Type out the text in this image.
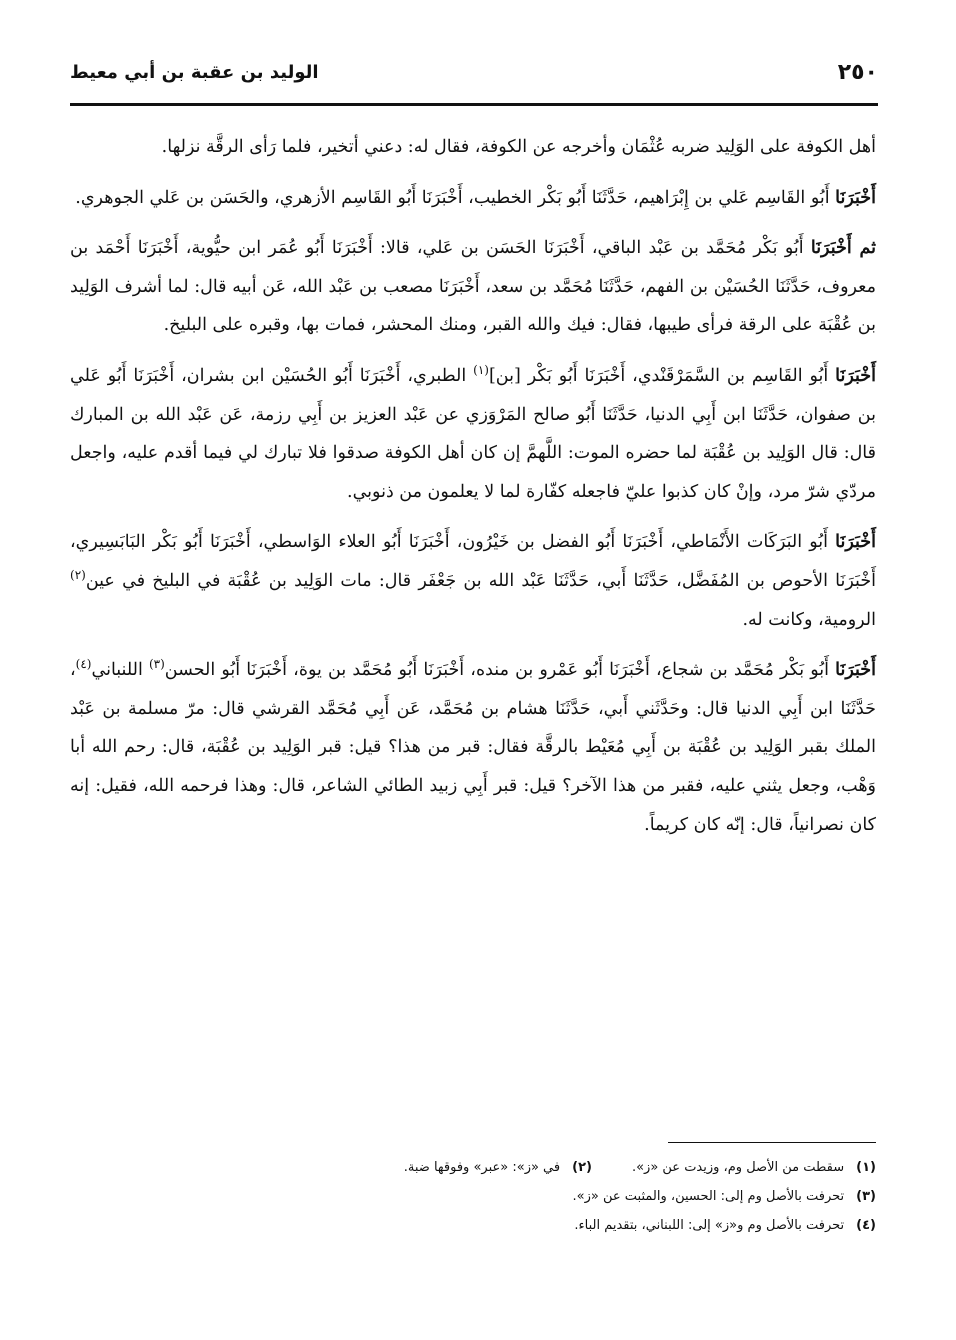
٢٥٠
الوليد بن عقبة بن أبي معيط

أهل الكوفة على الوَلِيد ضربه عُثْمَان وأخرجه عن الكوفة، فقال له: دعني أتخير، فلما رَأى الرقَّة نزلها.

أَخْبَرَنَا أَبُو القَاسِم عَلي بن إِبْرَاهيم، حَدَّثَنَا أَبُو بَكْر الخطيب، أَخْبَرَنَا أَبُو القَاسِم الأزهري، والحَسَن بن عَلي الجوهري.

ثم أَخْبَرَنَا أَبُو بَكْر مُحَمَّد بن عَبْد الباقي، أَخْبَرَنَا الحَسَن بن عَلي، قالا: أَخْبَرَنَا أَبُو عُمَر ابن حيُّوية، أَخْبَرَنَا أَحْمَد بن معروف، حَدَّثَنَا الحُسَيْن بن الفهم، حَدَّثَنَا مُحَمَّد بن سعد، أَخْبَرَنَا مصعب بن عَبْد الله، عَن أبيه قال: لما أشرف الوَلِيد بن عُقْبَة على الرقة فرأى طيبها، فقال: فيك والله القبر، ومنك المحشر، فمات بها، وقبره على البليخ.

أَخْبَرَنَا أَبُو القَاسِم بن السَّمَرْقَنْدي، أَخْبَرَنَا أَبُو بَكْر [بن]$^{(١)}$ الطبري، أَخْبَرَنَا أَبُو الحُسَيْن ابن بشران، أَخْبَرَنَا أَبُو عَلي بن صفوان، حَدَّثَنَا ابن أَبِي الدنيا، حَدَّثَنَا أَبُو صالح المَرْوَزي عن عَبْد العزيز بن أَبِي رزمة، عَن عَبْد الله بن المبارك قال: قال الوَلِيد بن عُقْبَة لما حضره الموت: اللَّهمَّ إن كان أهل الكوفة صدقوا فلا تبارك لي فيما أقدم عليه، واجعل مردّي شرّ مرد، وإنْ كان كذبوا عليّ فاجعله كفّارة لما لا يعلمون من ذنوبي.

أَخْبَرَنَا أَبُو البَرَكَات الأَنْمَاطي، أَخْبَرَنَا أَبُو الفضل بن خَيْرُون، أَخْبَرَنَا أَبُو العلاء الوَاسطي، أَخْبَرَنَا أَبُو بَكْر البَابَسِيري، أَخْبَرَنَا الأحوص بن المُفَضَّل، حَدَّثَنَا أَبي، حَدَّثَنَا عَبْد الله بن جَعْفَر قال: مات الوَلِيد بن عُقْبَة في البليخ في عين$^{(٢)}$ الرومية، وكانت له.

أَخْبَرَنَا أَبُو بَكْر مُحَمَّد بن شجاع، أَخْبَرَنَا أَبُو عَمْرو بن منده، أَخْبَرَنَا أَبُو مُحَمَّد بن يوة، أَخْبَرَنَا أَبُو الحسن$^{(٣)}$ اللنباني$^{(٤)}$، حَدَّثَنَا ابن أَبِي الدنيا قال: وحَدَّثَني أَبي، حَدَّثَنَا هشام بن مُحَمَّد، عَن أَبِي مُحَمَّد القرشي قال: مرّ مسلمة بن عَبْد الملك بقبر الوَلِيد بن عُقْبَة بن أَبِي مُعَيْط بالرقَّة فقال: قبر من هذا؟ قيل: قبر الوَلِيد بن عُقْبَة، قال: رحم الله أبا وَهْب، وجعل يثني عليه، فقبر من هذا الآخر؟ قيل: قبر أَبِي زبيد الطائي الشاعر، قال: وهذا فرحمه الله، فقيل: إنه كان نصرانياً، قال: إنّه كان كريماً.

(١)سقطت من الأصل وم، وزيدت عن «ز».
(٢)في «ز»: «عبر» وفوقها ضبة.
(٣)تحرفت بالأصل وم إلى: الحسين، والمثبت عن «ز».
(٤)تحرفت بالأصل وم و«ز» إلى: اللبناني، بتقديم الباء.
